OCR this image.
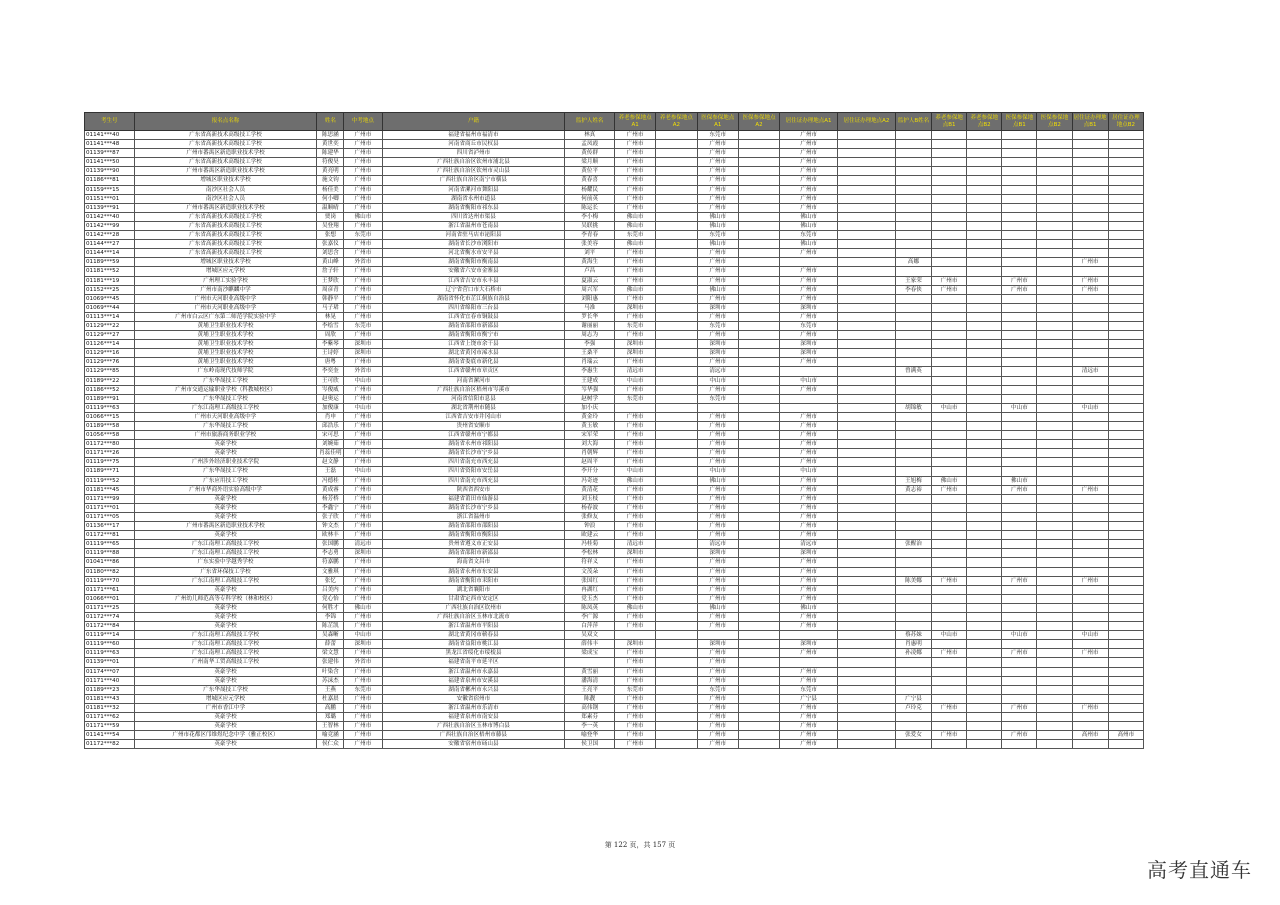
考生号	报名点名称	姓名	中考地点	户籍	监护人姓名	养老参保地点A1	养老参保地点A2	医保参保地点A1	医保参保地点A2	居住证办理地点A1	居住证办理地点A2	监护人B姓名	养老参保地点B1	养老参保地点B2	医保参保地点B1	医保参保地点B2	居住证办理地点B1	居住证办理地点B2
01141***40	广东省高新技术高级技工学校	陈思涵	广州市	福建省福州市福清市	林真	广州市		东莞市		广州市								
01141***48	广东省高新技术高级技工学校	黄世奕	广州市	河南省商丘市民权县	孟凤霞	广州市		广州市		广州市								
01139***87	广州市番禺区新造职业技术学校	陈建华	广州市	四川省泸州市	黄传群	广州市		广州市		广州市								
01141***50	广东省高新技术高级技工学校	符俊昊	广州市	广西壮族自治区钦州市浦北县	梁月顺	广州市		广州市		广州市								
01139***90	广州市番禺区新造职业技术学校	黄亮明	广州市	广西壮族自治区钦州市灵山县	黄位平	广州市		广州市		广州市								
01186***81	增城区职业技术学校	施文钧	广州市	广西壮族自治区南宁市横县	黄春喜	广州市		广州市		广州市								
01159***15	南沙区社会人员	杨佳美	广州市	河南省漯河市舞阳县	杨耀民	广州市		广州市		广州市								
01151***01	南沙区社会人员	何小卿	广州市	湖南省永州市道县	何前英	广州市		广州市		广州市								
01139***91	广州市番禺区新造职业技术学校	温顺晴	广州市	湖南省衡阳市祁东县	陈运长	广州市		广州市		广州市								
01142***40	广东省高新技术高级技工学校	贾岗	佛山市	四川省达州市渠县	李小梅	佛山市		佛山市		佛山市								
01142***99	广东省高新技术高级技工学校	吴登翔	广州市	浙江省温州市苍南县	吴联挑	佛山市		佛山市		佛山市								
01142***28	广东省高新技术高级技工学校	张想	东莞市	河南省驻马店市泌阳县	李青春	东莞市		东莞市		东莞市								
01144***27	广东省高新技术高级技工学校	张嘉仪	广州市	湖南省长沙市浏阳市	张美容	佛山市		佛山市		佛山市								
01144***14	广东省高新技术高级技工学校	刘思含	广州市	河北省衡水市安平县	刘平	广州市		广州市		广州市								
01189***59	增城区职业技术学校	黄山峰	外省市	湖南省衡阳市衡南县	黄海生	广州市		广州市				高娜					广州市	
01181***52	增城区应元学校	詹子轩	广州市	安徽省六安市金寨县	卢昌	广州市		广州市		广州市								
01181***19	广州理工实验学校	王梦欣	广州市	江西省吉安市永丰县	夏淑云	广州市		广州市		广州市		王家荣	广州市		广州市		广州市	
01152***25	广州市南沙麒麟中学	周彦青	广州市	辽宁省营口市大石桥市	周兴军	佛山市		佛山市		广州市		李春侠	广州市		广州市		广州市	
01069***45	广州市天河职业高级中学	韩静平	广州市	湖南省怀化市芷江侗族自治县	刘阳惠	广州市		广州市		广州市								
01069***44	广州市天河职业高级中学	马子珺	广州市	四川省绵阳市三台县	马准	深圳市		深圳市		深圳市								
01113***14	广州市白云区广东第二师范学院实验中学	林晃	广州市	江西省宜春市铜鼓县	罗长华	广州市		广州市		广州市								
01129***22	黄埔卫生职业技术学校	李绘雪	东莞市	湖南省邵阳市新邵县	谢丽丽	东莞市		东莞市		东莞市								
01129***27	黄埔卫生职业技术学校	周欣	广州市	湖南省衡阳市衡宁市	周志为	广州市		广州市		广州市								
01126***14	黄埔卫生职业技术学校	李紫琴	深圳市	江西省上饶市余干县	李强	深圳市		深圳市		深圳市								
01129***16	黄埔卫生职业技术学校	王诗婷	深圳市	湖北省黄冈市浠水县	王桑平	深圳市		深圳市		深圳市								
01129***76	黄埔卫生职业技术学校	唐粤	广州市	湖南省娄底市新化县	肖瑞云	广州市		广州市		广州市								
01129***85	广东岭南现代技师学院	李奕奎	外省市	江西省赣州市章贡区	李惠生	清远市		清远市				曾满英					清远市	
01189***22	广东华晟技工学校	王可欣	中山市	河南省漯河市	王建成	中山市		中山市		中山市								
01186***52	广州市交通运输职业学校（科教城校区）	岑俊威	广州市	广西壮族自治区梧州市岑溪市	岑华强	广州市		广州市		广州市								
01189***91	广东华晟技工学校	赵奥运	广州市	河南省信阳市息县	赵树学	东莞市		东莞市										
01119***63	广东江南理工高级技工学校	加俊康	中山市	湖北省荆州市随县	加小庆							胡锦敏	中山市		中山市		中山市	
01066***15	广州市天河职业高级中学	肖申	广州市	江西省吉安市井冈山市	黄金玲	广州市		广州市		广州市								
01189***58	广东华晟技工学校	邱浩乐	广州市	贵州省安顺市	黄玉敏	广州市		广州市		广州市								
01056***58	广州市旅游商务职业学校	宋可思	广州市	江西省赣州市宁都县	宋军荣	广州市		广州市		广州市								
01172***80	英豪学校	刘婉茹	广州市	湖南省永州市祁阳县	刘大海	广州市		广州市		广州市								
01171***26	英豪学校	肖蕊佳明	广州市	湖南省长沙市宁乡县	肖朝辉	广州市		广州市		广州市								
01119***75	广州涉外经济职业技术学院	赵文静	广州市	四川省南充市西充县	赵周平	广州市		广州市		广州市								
01189***71	广东华晟技工学校	王磊	中山市	四川省资阳市安岳县	李开分	中山市		中山市		中山市								
01119***52	广东应用技工学校	冯德桂	广州市	四川省南充市西充县	冯奇迹	佛山市		佛山市		广州市		王旭梅	佛山市		佛山市			
01181***45	广州市华商外语实验高级中学	黄成睿	广州市	陕西省西安市	黄清花	广州市		广州市		广州市		黄志裕	广州市		广州市		广州市	
01171***99	英豪学校	杨芳桥	广州市	福建省莆田市仙游县	刘玉枝	广州市		广州市		广州市								
01171***01	英豪学校	李鑫宁	广州市	湖南省长沙市宁乡县	杨春波	广州市		广州市		广州市								
01171***05	英豪学校	张子欣	广州市	浙江省温州市	张修友	广州市		广州市		广州市								
01136***17	广州市番禺区新造职业技术学校	钟文杰	广州市	湖南省邵阳市邵阳县	钟浪	广州市		广州市		广州市								
01172***81	英豪学校	欧林丰	广州市	湖南省衡阳市衡阳县	欧建云	广州市		广州市		广州市								
01119***65	广东江南理工高级技工学校	张国鹏	清远市	贵州省遵义市正安县	冯桂菊	清远市		清远市		清远市		张醒治						
01119***88	广东江南理工高级技工学校	李志勇	深圳市	湖南省邵阳市新邵县	李松林	深圳市		深圳市		深圳市								
01041***86	广东实验中学越秀学校	符嘉鹏	广州市	海南省文昌市	符祥义	广州市		广州市		广州市								
01180***82	广东省环保技工学校	文雅琪	广州市	湖南省永州市东安县	文茂朵	广州市		广州市		广州市								
01119***70	广东江南理工高级技工学校	张忆	广州市	湖南省衡阳市耒阳市	张国红	广州市		广州市		广州市		陈美娜	广州市		广州市		广州市	
01171***61	英豪学校	吕美内	广州市	湖北省襄阳市	冉湖红	广州市		广州市		广州市								
01066***01	广州幼儿师范高等专科学校（林和校区）	党心怡	广州市	甘肃省定西市安定区	党玉杰	广州市		广州市		广州市								
01171***25	英豪学校	何胜才	佛山市	广西壮族自治区钦州市	陈凤英	佛山市		佛山市		佛山市								
01172***74	英豪学校	李锦	广州市	广西壮族自治区玉林市北流市	李广源	广州市		广州市		广州市								
01172***84	英豪学校	陈芷凯	广州市	浙江省温州市平阳县	白萍萍	广州市		广州市		广州市								
01119***14	广东江南理工高级技工学校	吴森晰	中山市	湖北省黄冈市蕲春县	吴双文							蔡苏妹	中山市		中山市		中山市	
01119***60	广东江南理工高级技工学校	薛蕾	深圳市	湖南省益阳市桃江县	薛伟丰	深圳市		深圳市		深圳市		肖惠明						
01119***63	广东江南理工高级技工学校	梁文慧	广州市	黑龙江省绥化市绥棱县	梁成宝	广州市		广州市		广州市		孙凌娜	广州市		广州市		广州市	
01139***01	广州南华工贸高级技工学校	张建伟	外省市	福建省南平市延平区		广州市		广州市										
01174***07	英豪学校	叶染含	广州市	浙江省温州市永嘉县	黄雪丽	广州市		广州市		广州市								
01171***40	英豪学校	苏沫杰	广州市	福建省泉州市安溪县	潘海清	广州市		广州市		广州市								
01189***23	广东华晟技工学校	王燕	东莞市	湖南省郴州市永兴县	王亮平	东莞市		东莞市		东莞市								
01181***43	增城区应元学校	杜嘉晨	广州市	安徽省宿州市	陈靓	广州市		广州市		广宁县		广宁县						
01181***32	广州市香江中学	高鹏	广州市	浙江省温州市乐清市	高伟钢	广州市		广州市		广州市		卢玲克	广州市		广州市		广州市	
01171***62	英豪学校	郑璐	广州市	福建省泉州市南安县	郑素芬	广州市		广州市		广州市								
01171***59	英豪学校	王智林	广州市	广西壮族自治区玉林市博白县	李一英	广州市		广州市		广州市								
01141***54	广州市花都区邝维煜纪念中学（雅正校区）	喻竞涵	广州市	广西壮族自治区梧州市藤县	喻登华	广州市		广州市		广州市		张爱女	广州市		广州市		高州市	高州市
01172***82	英豪学校	侯仁众	广州市	安徽省宿州市砀山县	侯卫国	广州市		广州市		广州市								
第 122 页，共 157 页
高考直通车
